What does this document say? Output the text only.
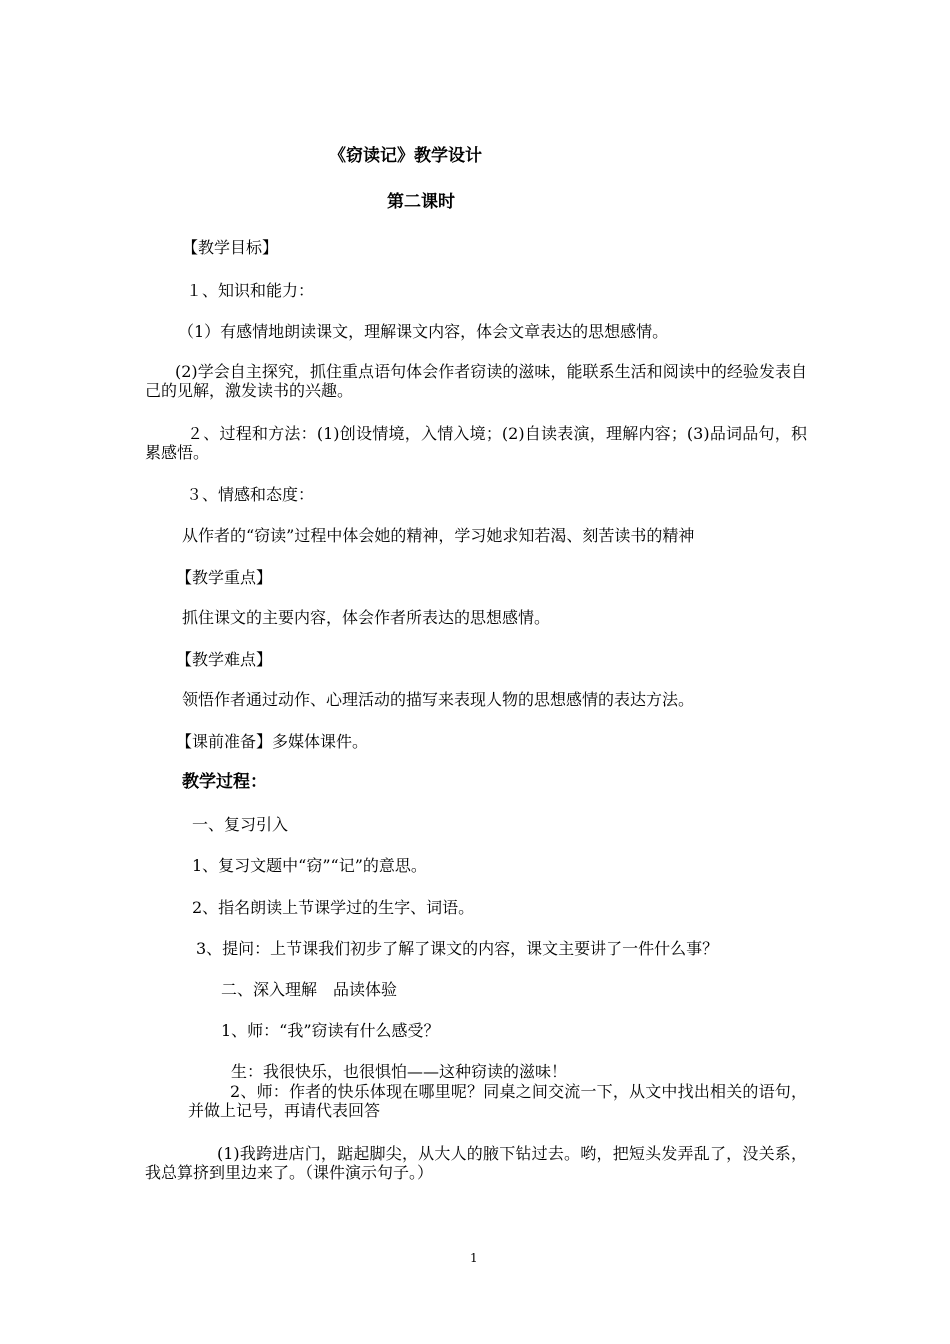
《窃读记》教学设计
第二课时
【教学目标】
１、知识和能力：
（1）有感情地朗读课文，理解课文内容，体会文章表达的思想感情。
(2)学会自主探究，抓住重点语句体会作者窃读的滋味，能联系生活和阅读中的经验发表自己的见解，激发读书的兴趣。
２、过程和方法：(1)创设情境，入情入境；(2)自读表演，理解内容；(3)品词品句，积累感悟。
３、情感和态度：
从作者的“窃读”过程中体会她的精神，学习她求知若渴、刻苦读书的精神
【教学重点】
抓住课文的主要内容，体会作者所表达的思想感情。
【教学难点】
领悟作者通过动作、心理活动的描写来表现人物的思想感情的表达方法。
【课前准备】多媒体课件。
教学过程：
一、复习引入
1、复习文题中“窃”“记”的意思。
2、指名朗读上节课学过的生字、词语。
3、提问：上节课我们初步了解了课文的内容，课文主要讲了一件什么事？
二、深入理解　品读体验
1、师：“我”窃读有什么感受？
生：我很快乐，也很惧怕——这种窃读的滋味！
2、师：作者的快乐体现在哪里呢？同桌之间交流一下，从文中找出相关的语句，并做上记号，再请代表回答
(1)我跨进店门，踮起脚尖，从大人的腋下钻过去。哟，把短头发弄乱了，没关系，我总算挤到里边来了。（课件演示句子。）
1
